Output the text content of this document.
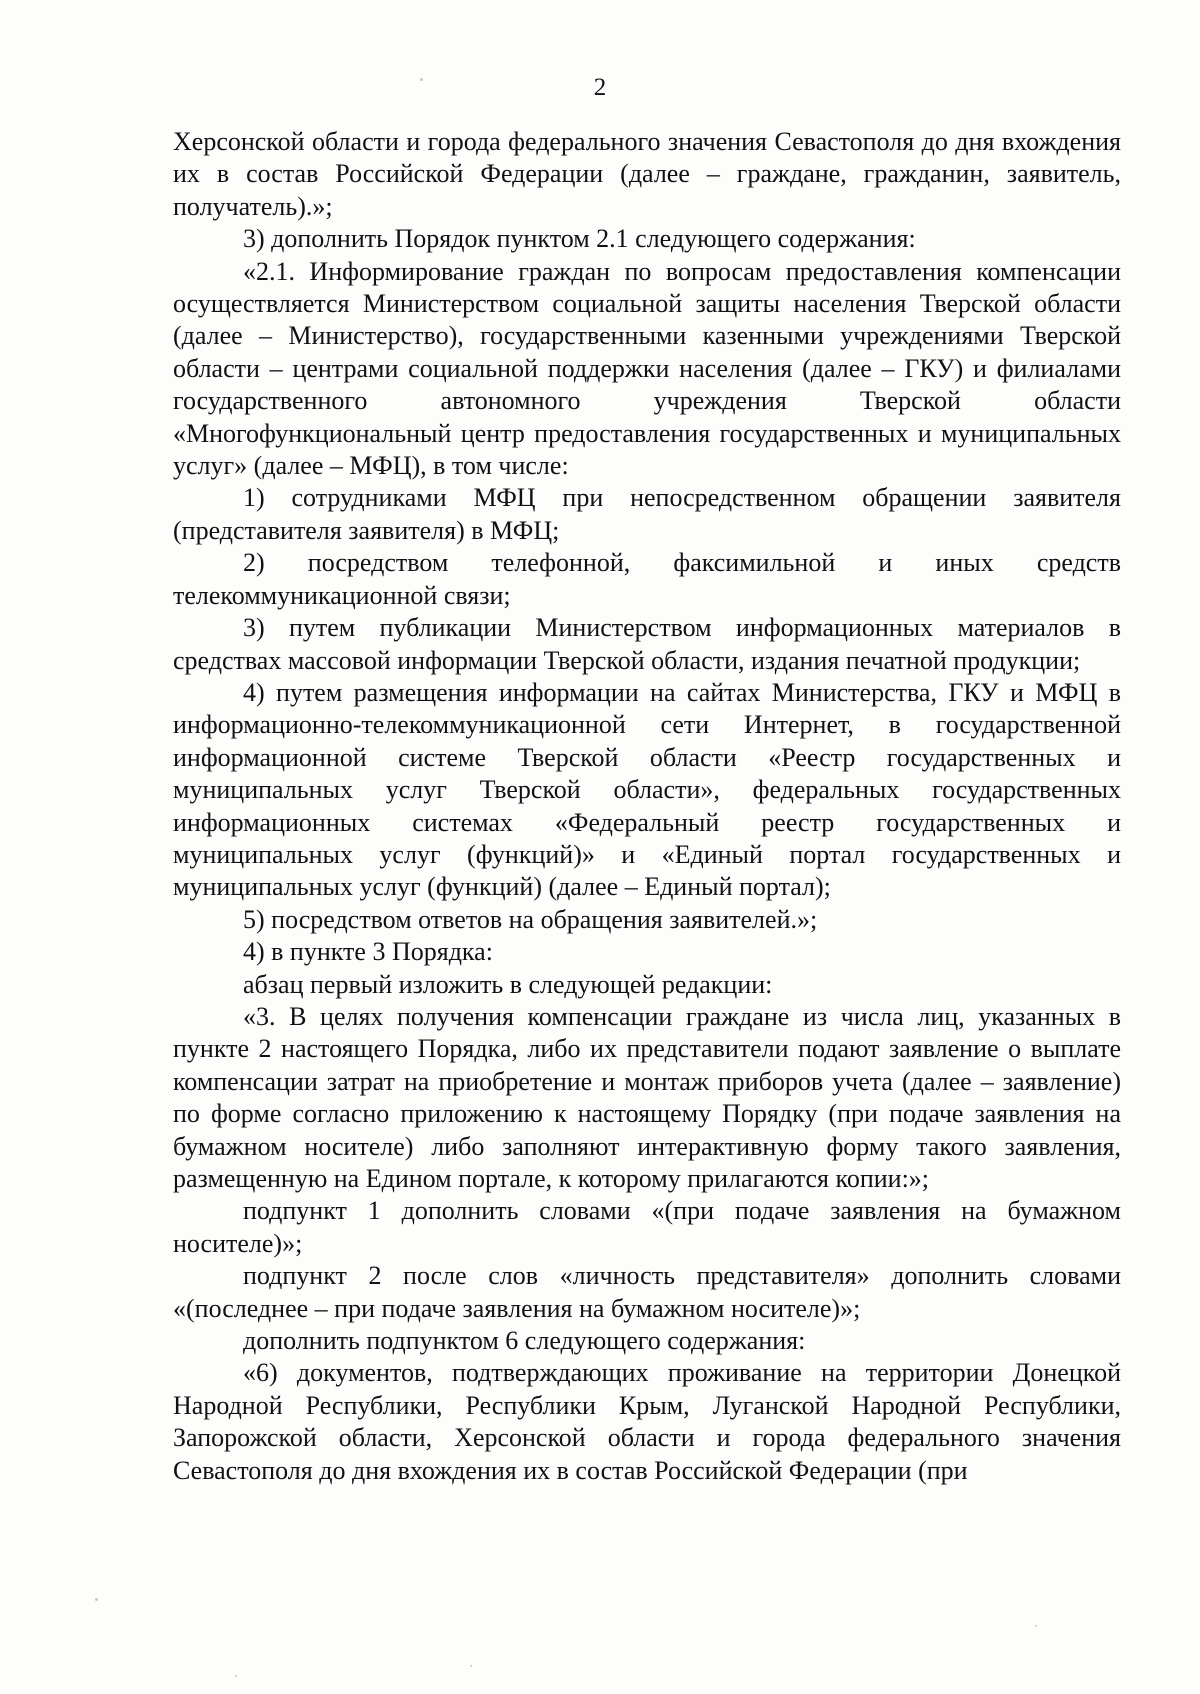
2

Херсонской области и города федерального значения Севастополя до дня вхождения их в состав Российской Федерации (далее – граждане, гражданин, заявитель, получатель).»;

3) дополнить Порядок пунктом 2.1 следующего содержания:

«2.1. Информирование граждан по вопросам предоставления компенсации осуществляется Министерством социальной защиты населения Тверской области (далее – Министерство), государственными казенными учреждениями Тверской области – центрами социальной поддержки населения (далее – ГКУ) и филиалами государственного автономного учреждения Тверской области «Многофункциональный центр предоставления государственных и муниципальных услуг» (далее – МФЦ), в том числе:

1) сотрудниками МФЦ при непосредственном обращении заявителя (представителя заявителя) в МФЦ;

2) посредством телефонной, факсимильной и иных средств телекоммуникационной связи;

3) путем публикации Министерством информационных материалов в средствах массовой информации Тверской области, издания печатной продукции;

4) путем размещения информации на сайтах Министерства, ГКУ и МФЦ в информационно-телекоммуникационной сети Интернет, в государственной информационной системе Тверской области «Реестр государственных и муниципальных услуг Тверской области», федеральных государственных информационных системах «Федеральный реестр государственных и муниципальных услуг (функций)» и «Единый портал государственных и муниципальных услуг (функций) (далее – Единый портал);

5) посредством ответов на обращения заявителей.»;

4) в пункте 3 Порядка:

абзац первый изложить в следующей редакции:

«3. В целях получения компенсации граждане из числа лиц, указанных в пункте 2 настоящего Порядка, либо их представители подают заявление о выплате компенсации затрат на приобретение и монтаж приборов учета (далее – заявление) по форме согласно приложению к настоящему Порядку (при подаче заявления на бумажном носителе) либо заполняют интерактивную форму такого заявления, размещенную на Едином портале, к которому прилагаются копии:»;

подпункт 1 дополнить словами «(при подаче заявления на бумажном носителе)»;

подпункт 2 после слов «личность представителя» дополнить словами «(последнее – при подаче заявления на бумажном носителе)»;

дополнить подпунктом 6 следующего содержания:

«6) документов, подтверждающих проживание на территории Донецкой Народной Республики, Республики Крым, Луганской Народной Республики, Запорожской области, Херсонской области и города федерального значения Севастополя до дня вхождения их в состав Российской Федерации (при
